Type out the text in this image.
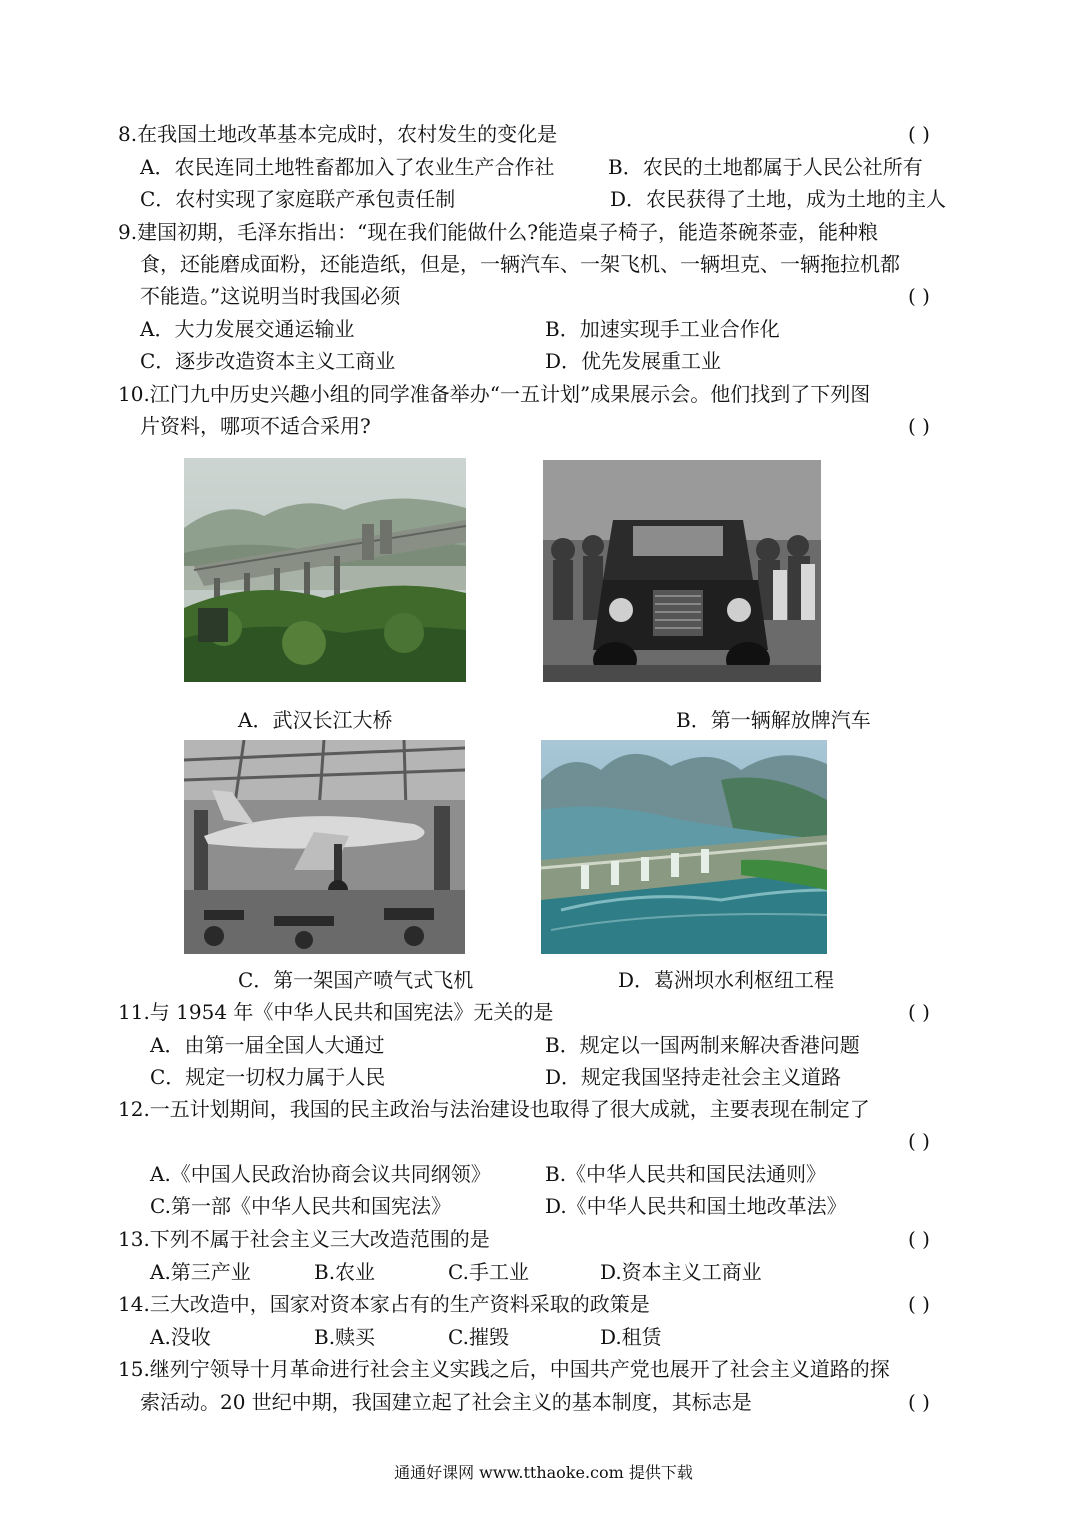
8.在我国土地改革基本完成时，农村发生的变化是	( )
A．农民连同土地牲畜都加入了农业生产合作社	B．农民的土地都属于人民公社所有
C．农村实现了家庭联产承包责任制	D．农民获得了土地，成为土地的主人
9.建国初期，毛泽东指出：“现在我们能做什么?能造桌子椅子，能造茶碗茶壶，能种粮
食，还能磨成面粉，还能造纸，但是，一辆汽车、一架飞机、一辆坦克、一辆拖拉机都
不能造。”这说明当时我国必须	( )
A．大力发展交通运输业	B．加速实现手工业合作化
C．逐步改造资本主义工商业	D．优先发展重工业
10.江门九中历史兴趣小组的同学准备举办“一五计划”成果展示会。他们找到了下列图
片资料，哪项不适合采用?	( )
A．武汉长江大桥	B．第一辆解放牌汽车
C．第一架国产喷气式飞机	D．葛洲坝水利枢纽工程
11.与 1954 年《中华人民共和国宪法》无关的是	( )
A．由第一届全国人大通过	B．规定以一国两制来解决香港问题
C．规定一切权力属于人民	D．规定我国坚持走社会主义道路
12.一五计划期间，我国的民主政治与法治建设也取得了很大成就，主要表现在制定了
( )
A.《中国人民政治协商会议共同纲领》	B.《中华人民共和国民法通则》
C.第一部《中华人民共和国宪法》	D.《中华人民共和国土地改革法》
13.下列不属于社会主义三大改造范围的是	( )
A.第三产业	B.农业	C.手工业	D.资本主义工商业
14.三大改造中，国家对资本家占有的生产资料采取的政策是	( )
A.没收	B.赎买	C.摧毁	D.租赁
15.继列宁领导十月革命进行社会主义实践之后，中国共产党也展开了社会主义道路的探
索活动。20 世纪中期，我国建立起了社会主义的基本制度，其标志是	( )
通通好课网 www.tthaoke.com 提供下载
